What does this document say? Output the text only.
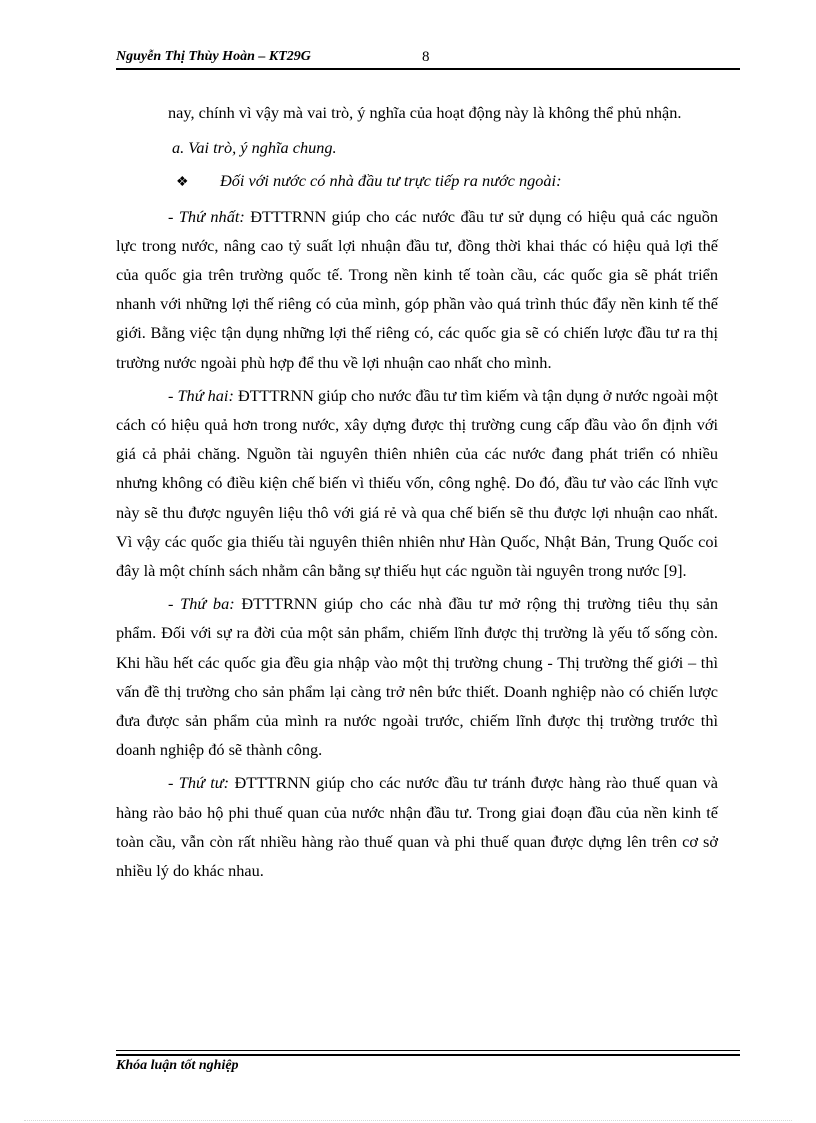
Nguyễn Thị Thùy Hoàn – KT29G	8

nay, chính vì vậy mà vai trò, ý nghĩa của hoạt động này là không thể phủ nhận.

a. Vai trò, ý nghĩa chung.

❖ Đối với nước có nhà đầu tư trực tiếp ra nước ngoài:

- Thứ nhất: ĐTTTRNN giúp cho các nước đầu tư sử dụng có hiệu quả các nguồn lực trong nước, nâng cao tỷ suất lợi nhuận đầu tư, đồng thời khai thác có hiệu quả lợi thế của quốc gia trên trường quốc tế. Trong nền kinh tế toàn cầu, các quốc gia sẽ phát triển nhanh với những lợi thế riêng có của mình, góp phần vào quá trình thúc đẩy nền kinh tế thế giới. Bằng việc tận dụng những lợi thế riêng có, các quốc gia sẽ có chiến lược đầu tư ra thị trường nước ngoài phù hợp để thu về lợi nhuận cao nhất cho mình.

- Thứ hai: ĐTTTRNN giúp cho nước đầu tư tìm kiếm và tận dụng ở nước ngoài một cách có hiệu quả hơn trong nước, xây dựng được thị trường cung cấp đầu vào ổn định với giá cả phải chăng. Nguồn tài nguyên thiên nhiên của các nước đang phát triển có nhiều nhưng không có điều kiện chế biến vì thiếu vốn, công nghệ. Do đó, đầu tư vào các lĩnh vực này sẽ thu được nguyên liệu thô với giá rẻ và qua chế biến sẽ thu được lợi nhuận cao nhất. Vì vậy các quốc gia thiếu tài nguyên thiên nhiên như Hàn Quốc, Nhật Bản, Trung Quốc coi đây là một chính sách nhằm cân bằng sự thiếu hụt các nguồn tài nguyên trong nước [9].

- Thứ ba: ĐTTTRNN giúp cho các nhà đầu tư mở rộng thị trường tiêu thụ sản phẩm. Đối với sự ra đời của một sản phẩm, chiếm lĩnh được thị trường là yếu tố sống còn. Khi hầu hết các quốc gia đều gia nhập vào một thị trường chung - Thị trường thế giới – thì vấn đề thị trường cho sản phẩm lại càng trở nên bức thiết. Doanh nghiệp nào có chiến lược đưa được sản phẩm của mình ra nước ngoài trước, chiếm lĩnh được thị trường trước thì doanh nghiệp đó sẽ thành công.

- Thứ tư: ĐTTTRNN giúp cho các nước đầu tư tránh được hàng rào thuế quan và hàng rào bảo hộ phi thuế quan của nước nhận đầu tư. Trong giai đoạn đầu của nền kinh tế toàn cầu, vẫn còn rất nhiều hàng rào thuế quan và phi thuế quan được dựng lên trên cơ sở nhiều lý do khác nhau.

Khóa luận tốt nghiệp
